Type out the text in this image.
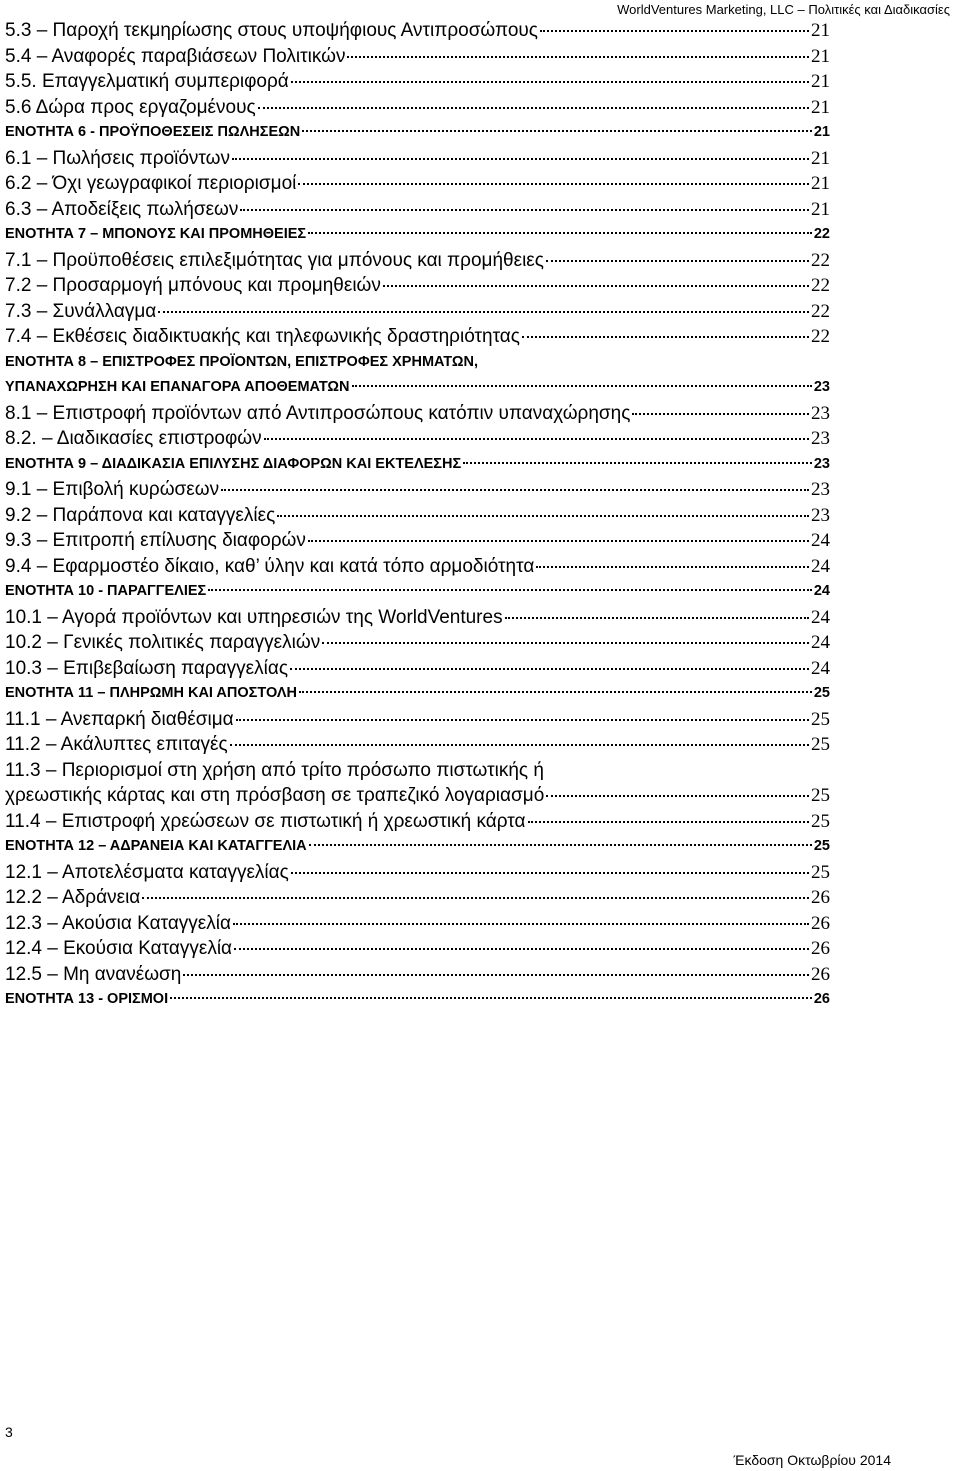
WorldVentures Marketing, LLC – Πολιτικές και Διαδικασίες
5.3 – Παροχή τεκμηρίωσης στους υποψήφιους Αντιπροσώπους	21
5.4 – Αναφορές παραβιάσεων Πολιτικών	21
5.5. Επαγγελματική συμπεριφορά	21
5.6 Δώρα προς εργαζομένους	21
ΕΝΟΤΗΤΑ 6 - ΠΡΟΫΠΟΘΕΣΕΙΣ ΠΩΛΗΣΕΩΝ	21
6.1 – Πωλήσεις προϊόντων	21
6.2 – Όχι γεωγραφικοί περιορισμοί	21
6.3 – Αποδείξεις πωλήσεων	21
ΕΝΟΤΗΤΑ 7 – ΜΠΟΝΟΥΣ ΚΑΙ ΠΡΟΜΗΘΕΙΕΣ	22
7.1 – Προϋποθέσεις επιλεξιμότητας για μπόνους και προμήθειες	22
7.2 – Προσαρμογή μπόνους και προμηθειών	22
7.3 – Συνάλλαγμα	22
7.4 – Εκθέσεις διαδικτυακής και τηλεφωνικής δραστηριότητας	22
ΕΝΟΤΗΤΑ 8 – ΕΠΙΣΤΡΟΦΕΣ ΠΡΟΪΟΝΤΩΝ, ΕΠΙΣΤΡΟΦΕΣ ΧΡΗΜΑΤΩΝ,
ΥΠΑΝΑΧΩΡΗΣΗ ΚΑΙ ΕΠΑΝΑΓΟΡΑ ΑΠΟΘΕΜΑΤΩΝ	23
8.1 – Επιστροφή προϊόντων από Αντιπροσώπους κατόπιν υπαναχώρησης	23
8.2. – Διαδικασίες επιστροφών	23
ΕΝΟΤΗΤΑ 9 – ΔΙΑΔΙΚΑΣΙΑ ΕΠΙΛΥΣΗΣ ΔΙΑΦΟΡΩΝ ΚΑΙ ΕΚΤΕΛΕΣΗΣ	23
9.1 – Επιβολή κυρώσεων	23
9.2 – Παράπονα και καταγγελίες	23
9.3 – Επιτροπή επίλυσης διαφορών	24
9.4 – Εφαρμοστέο δίκαιο, καθ’ ύλην και κατά τόπο αρμοδιότητα	24
ΕΝΟΤΗΤΑ 10 - ΠΑΡΑΓΓΕΛΙΕΣ	24
10.1 – Αγορά προϊόντων και υπηρεσιών της WorldVentures	24
10.2 – Γενικές πολιτικές παραγγελιών	24
10.3 – Επιβεβαίωση παραγγελίας	24
ΕΝΟΤΗΤΑ 11 – ΠΛΗΡΩΜΗ ΚΑΙ ΑΠΟΣΤΟΛΗ	25
11.1 – Ανεπαρκή διαθέσιμα	25
11.2 – Ακάλυπτες επιταγές	25
11.3 – Περιορισμοί στη χρήση από τρίτο πρόσωπο πιστωτικής ή
χρεωστικής κάρτας και στη πρόσβαση σε τραπεζικό λογαριασμό	25
11.4 – Επιστροφή χρεώσεων σε πιστωτική ή χρεωστική κάρτα	25
ΕΝΟΤΗΤΑ 12 – ΑΔΡΑΝΕΙΑ ΚΑΙ ΚΑΤΑΓΓΕΛΙΑ	25
12.1 – Αποτελέσματα καταγγελίας	25
12.2 – Αδράνεια	26
12.3 – Ακούσια Καταγγελία	26
12.4 – Εκούσια Καταγγελία	26
12.5 – Μη ανανέωση	26
ΕΝΟΤΗΤΑ 13 - ΟΡΙΣΜΟΙ	26
3
Έκδοση Οκτωβρίου 2014
